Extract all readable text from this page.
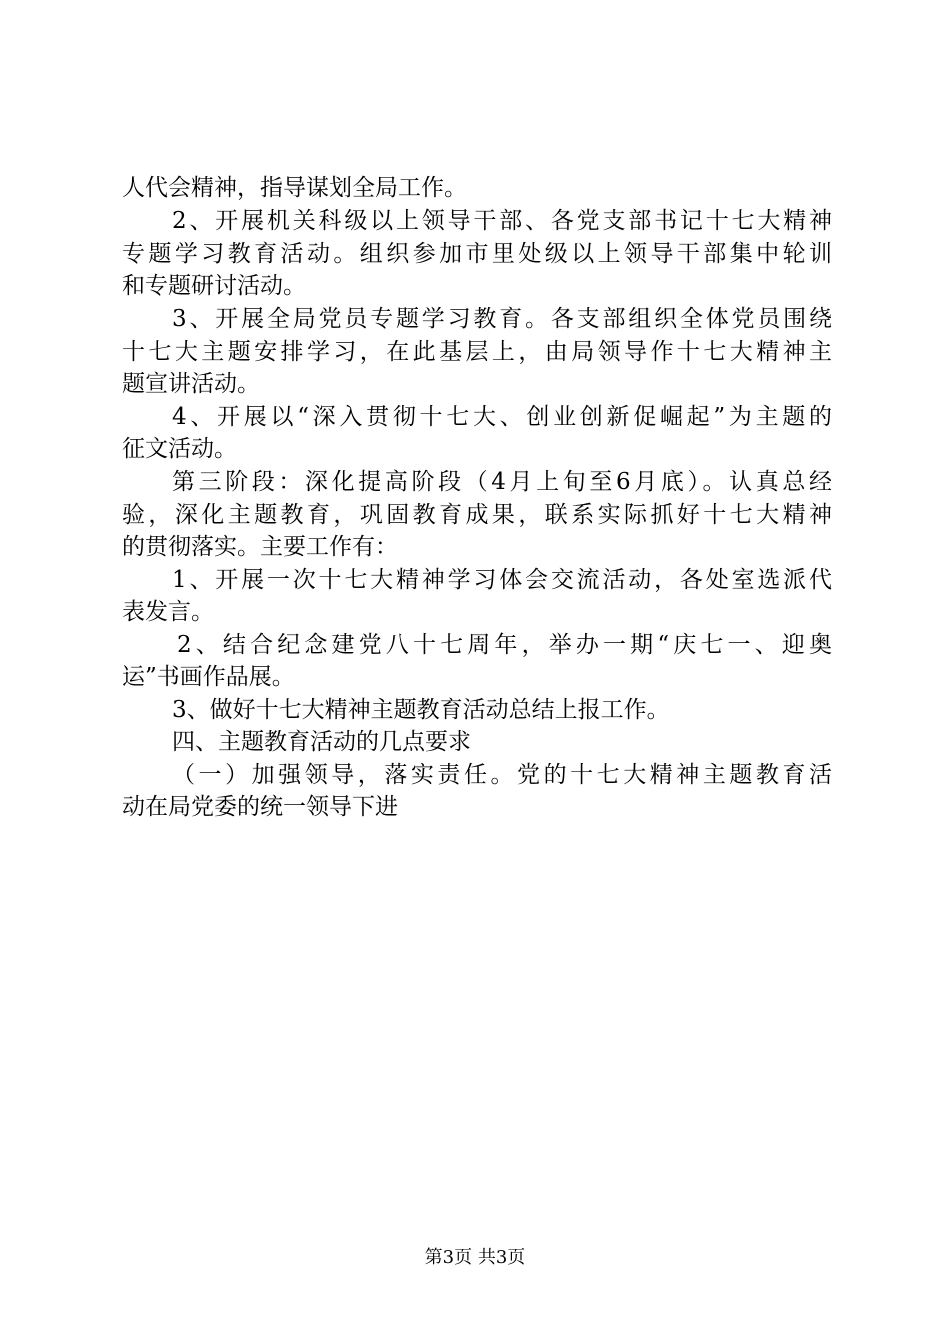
人代会精神，指导谋划全局工作。
2、开展机关科级以上领导干部、各党支部书记十七大精神
专题学习教育活动。组织参加市里处级以上领导干部集中轮训
和专题研讨活动。
3、开展全局党员专题学习教育。各支部组织全体党员围绕
十七大主题安排学习，在此基层上，由局领导作十七大精神主
题宣讲活动。
4、开展以“深入贯彻十七大、创业创新促崛起”为主题的
征文活动。
第三阶段：深化提高阶段（4月上旬至6月底）。认真总经
验，深化主题教育，巩固教育成果，联系实际抓好十七大精神
的贯彻落实。主要工作有：
1、开展一次十七大精神学习体会交流活动，各处室选派代
表发言。
2、结合纪念建党八十七周年，举办一期“庆七一、迎奥
运”书画作品展。
3、做好十七大精神主题教育活动总结上报工作。
四、主题教育活动的几点要求
（一）加强领导，落实责任。党的十七大精神主题教育活
动在局党委的统一领导下进
第3页 共3页
